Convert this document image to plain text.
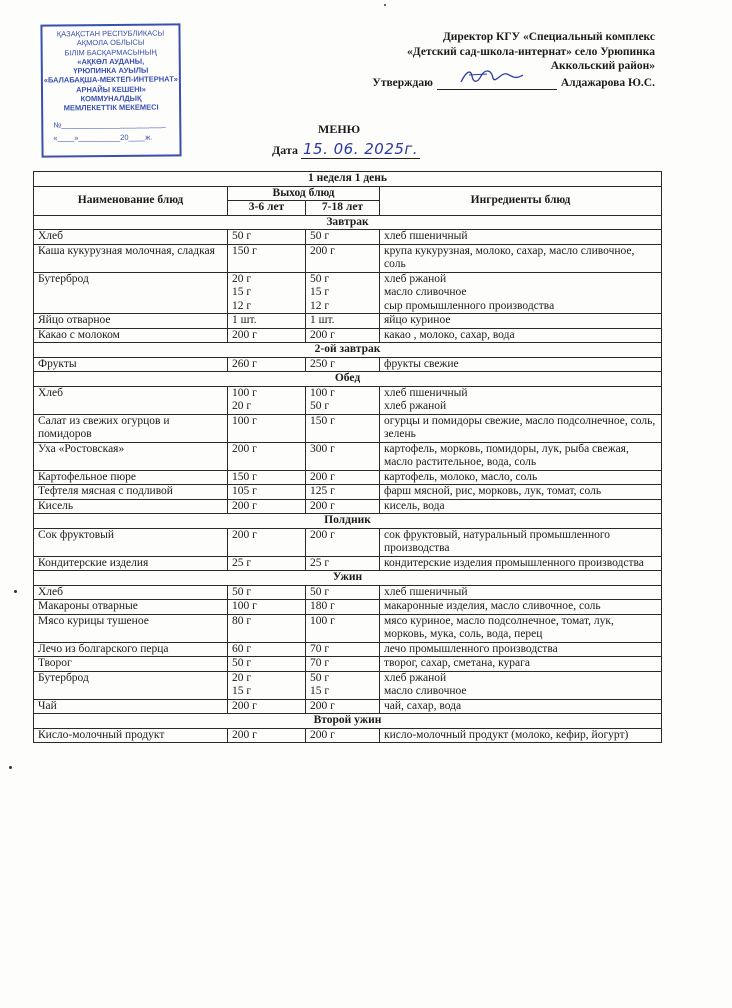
ҚАЗАҚСТАН РЕСПУБЛИКАСЫ
АҚМОЛА ОБЛЫСЫ
БІЛІМ БАСҚАРМАСЫНЫҢ
«АҚКӨЛ АУДАНЫ,
ҮРЮПИНКА АУЫЛЫ
«БАЛАБАҚША-МЕКТЕП-ИНТЕРНАТ»
АРНАЙЫ КЕШЕНІ»
КОММУНАЛДЫҚ
МЕМЛЕКЕТТІК МЕКЕМЕСІ
№_________________________
«____»__________20____ж.
Директор КГУ «Специальный комплекс
«Детский сад-школа-интернат» село Урюпинка
Аккольский район»
Утверждаю	Алдажарова Ю.С.
МЕНЮ
Дата 15. 06. 2025г.
1 неделя 1 день			
Наименование блюд	Выход блюд		Ингредиенты блюд
	3-6 лет	7-18 лет	
Завтрак			
Хлеб	50 г	50 г	хлеб пшеничный

Каша кукурузная молочная, сладкая	150 г	200 г	крупа кукурузная, молоко, сахар, масло сливочное, соль

Бутерброд	20 г
15 г
12 г	50 г
15 г
12 г	хлеб ржаной
масло сливочное
сыр промышленного производства

Яйцо отварное	1 шт.	1 шт.	яйцо куриное

Какао с молоком	200 г	200 г	какао , молоко, сахар, вода

2-ой завтрак			
Фрукты	260 г	250 г	фрукты свежие

Обед			
Хлеб	100 г
20 г	100 г
50 г	хлеб пшеничный
хлеб ржаной

Салат из свежих огурцов и помидоров	100 г	150 г	огурцы и помидоры свежие, масло подсолнечное, соль, зелень

Уха «Ростовская»	200 г	300 г	картофель, морковь, помидоры, лук, рыба свежая, масло растительное, вода, соль

Картофельное пюре	150 г	200 г	картофель, молоко, масло, соль

Тефтеля мясная с подливой	105 г	125 г	фарш мясной, рис, морковь, лук, томат, соль

Кисель	200 г	200 г	кисель, вода

Полдник			
Сок фруктовый	200 г	200 г	сок фруктовый, натуральный промышленного производства

Кондитерские изделия	25 г	25 г	кондитерские изделия промышленного производства

Ужин			
Хлеб	50 г	50 г	хлеб пшеничный

Макароны отварные	100 г	180 г	макаронные изделия, масло сливочное, соль

Мясо курицы тушеное	80 г	100 г	мясо куриное, масло подсолнечное, томат, лук, морковь, мука, соль, вода, перец

Лечо из болгарского перца	60 г	70 г	лечо промышленного производства

Творог	50 г	70 г	творог, сахар, сметана, курага

Бутерброд	20 г
15 г	50 г
15 г	хлеб ржаной
масло сливочное

Чай	200 г	200 г	чай, сахар, вода

Второй ужин			
Кисло-молочный продукт	200 г	200 г	кисло-молочный продукт (молоко, кефир, йогурт)
